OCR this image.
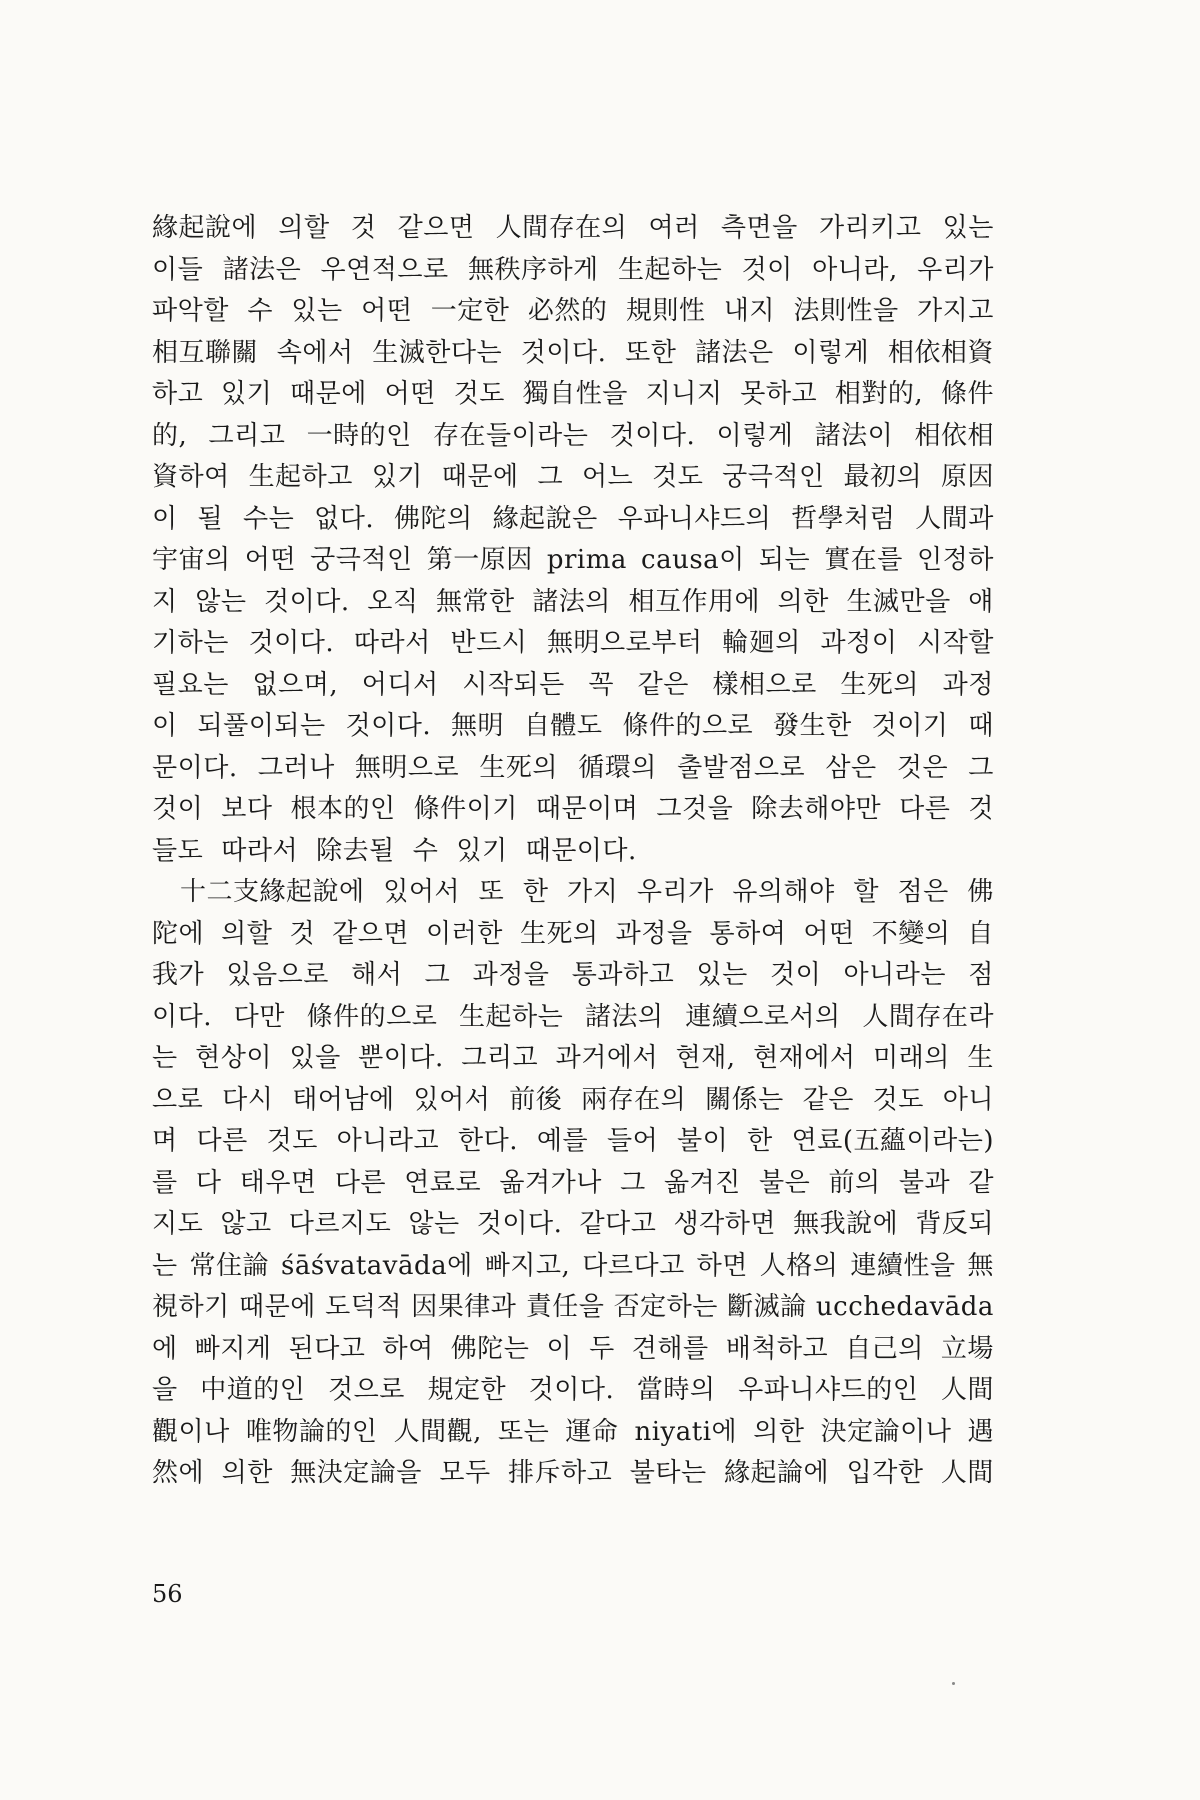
緣起說에 의할 것 같으면 人間存在의 여러 측면을 가리키고 있는
이들 諸法은 우연적으로 無秩序하게 生起하는 것이 아니라, 우리가
파악할 수 있는 어떤 一定한 必然的 規則性 내지 法則性을 가지고
相互聯關 속에서 生滅한다는 것이다. 또한 諸法은 이렇게 相依相資
하고 있기 때문에 어떤 것도 獨自性을 지니지 못하고 相對的, 條件
的, 그리고 一時的인 存在들이라는 것이다. 이렇게 諸法이 相依相
資하여 生起하고 있기 때문에 그 어느 것도 궁극적인 最初의 原因
이 될 수는 없다. 佛陀의 緣起說은 우파니샤드의 哲學처럼 人間과
宇宙의 어떤 궁극적인 第一原因 prima causa이 되는 實在를 인정하
지 않는 것이다. 오직 無常한 諸法의 相互作用에 의한 生滅만을 얘
기하는 것이다. 따라서 반드시 無明으로부터 輪廻의 과정이 시작할
필요는 없으며, 어디서 시작되든 꼭 같은 樣相으로 生死의 과정
이 되풀이되는 것이다. 無明 自體도 條件的으로 發生한 것이기 때
문이다. 그러나 無明으로 生死의 循環의 출발점으로 삼은 것은 그
것이 보다 根本的인 條件이기 때문이며 그것을 除去해야만 다른 것
들도 따라서 除去될 수 있기 때문이다.
十二支緣起說에 있어서 또 한 가지 우리가 유의해야 할 점은 佛
陀에 의할 것 같으면 이러한 生死의 과정을 통하여 어떤 不變의 自
我가 있음으로 해서 그 과정을 통과하고 있는 것이 아니라는 점
이다. 다만 條件的으로 生起하는 諸法의 連續으로서의 人間存在라
는 현상이 있을 뿐이다. 그리고 과거에서 현재, 현재에서 미래의 生
으로 다시 태어남에 있어서 前後 兩存在의 關係는 같은 것도 아니
며 다른 것도 아니라고 한다. 예를 들어 불이 한 연료(五蘊이라는)
를 다 태우면 다른 연료로 옮겨가나 그 옮겨진 불은 前의 불과 같
지도 않고 다르지도 않는 것이다. 같다고 생각하면 無我說에 背反되
는 常住論 śāśvatavāda에 빠지고, 다르다고 하면 人格의 連續性을 無
視하기 때문에 도덕적 因果律과 責任을 否定하는 斷滅論 ucchedavāda
에 빠지게 된다고 하여 佛陀는 이 두 견해를 배척하고 自己의 立場
을 中道的인 것으로 規定한 것이다. 當時의 우파니샤드的인 人間
觀이나 唯物論的인 人間觀, 또는 運命 niyati에 의한 決定論이나 遇
然에 의한 無決定論을 모두 排斥하고 불타는 緣起論에 입각한 人間
56
